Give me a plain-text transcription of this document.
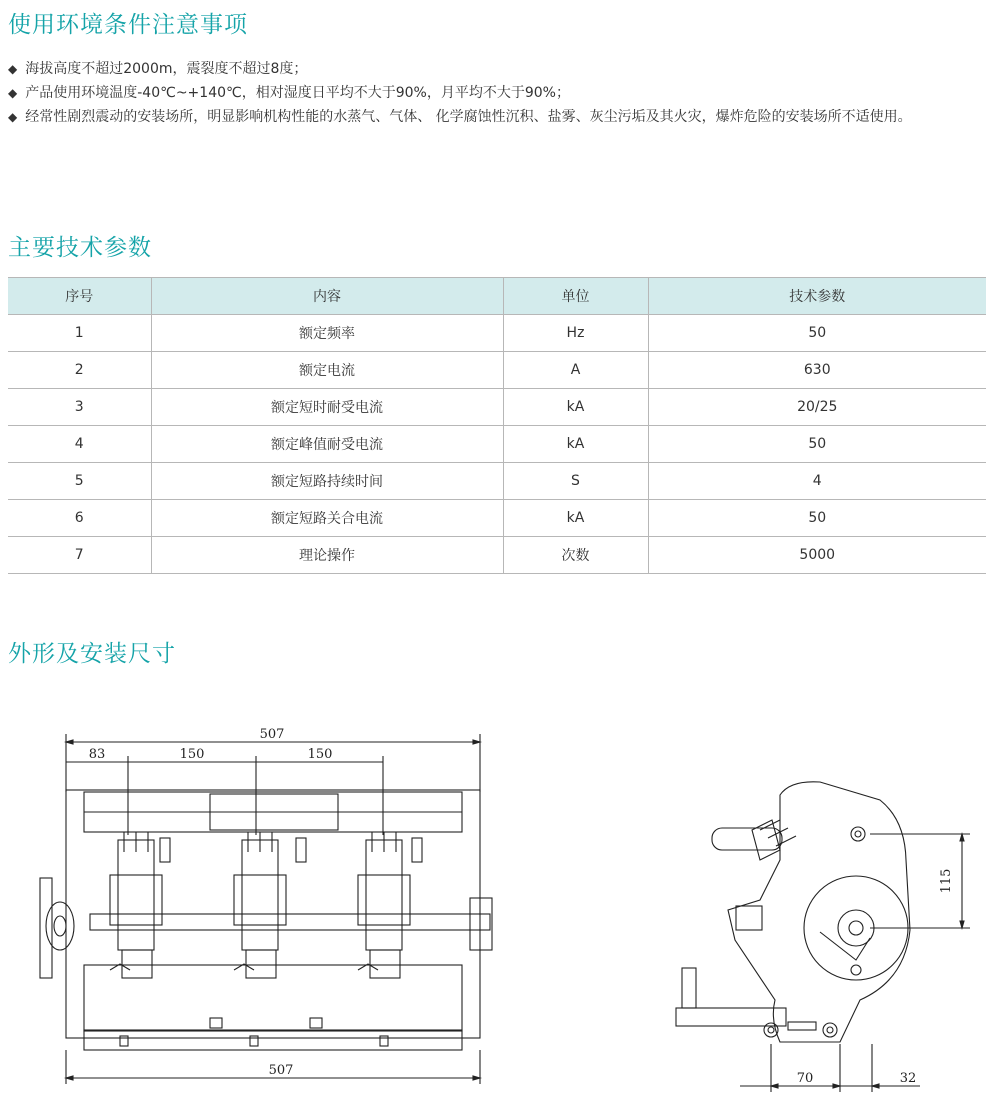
使用环境条件注意事项

◆ 海拔高度不超过2000m，震裂度不超过8度；

◆ 产品使用环境温度-40℃~+140℃，相对湿度日平均不大于90%，月平均不大于90%；

◆ 经常性剧烈震动的安装场所，明显影响机构性能的水蒸气、气体、 化学腐蚀性沉积、盐雾、灰尘污垢及其火灾，爆炸危险的安装场所不适使用。

主要技术参数
序号	内容	单位	技术参数
1	额定频率	Hz	50
2	额定电流	A	630
3	额定短时耐受电流	kA	20/25
4	额定峰值耐受电流	kA	50
5	额定短路持续时间	S	4
6	额定短路关合电流	kA	50
7	理论操作	次数	5000
外形及安装尺寸
507
83	150	150
507
115
70	32
